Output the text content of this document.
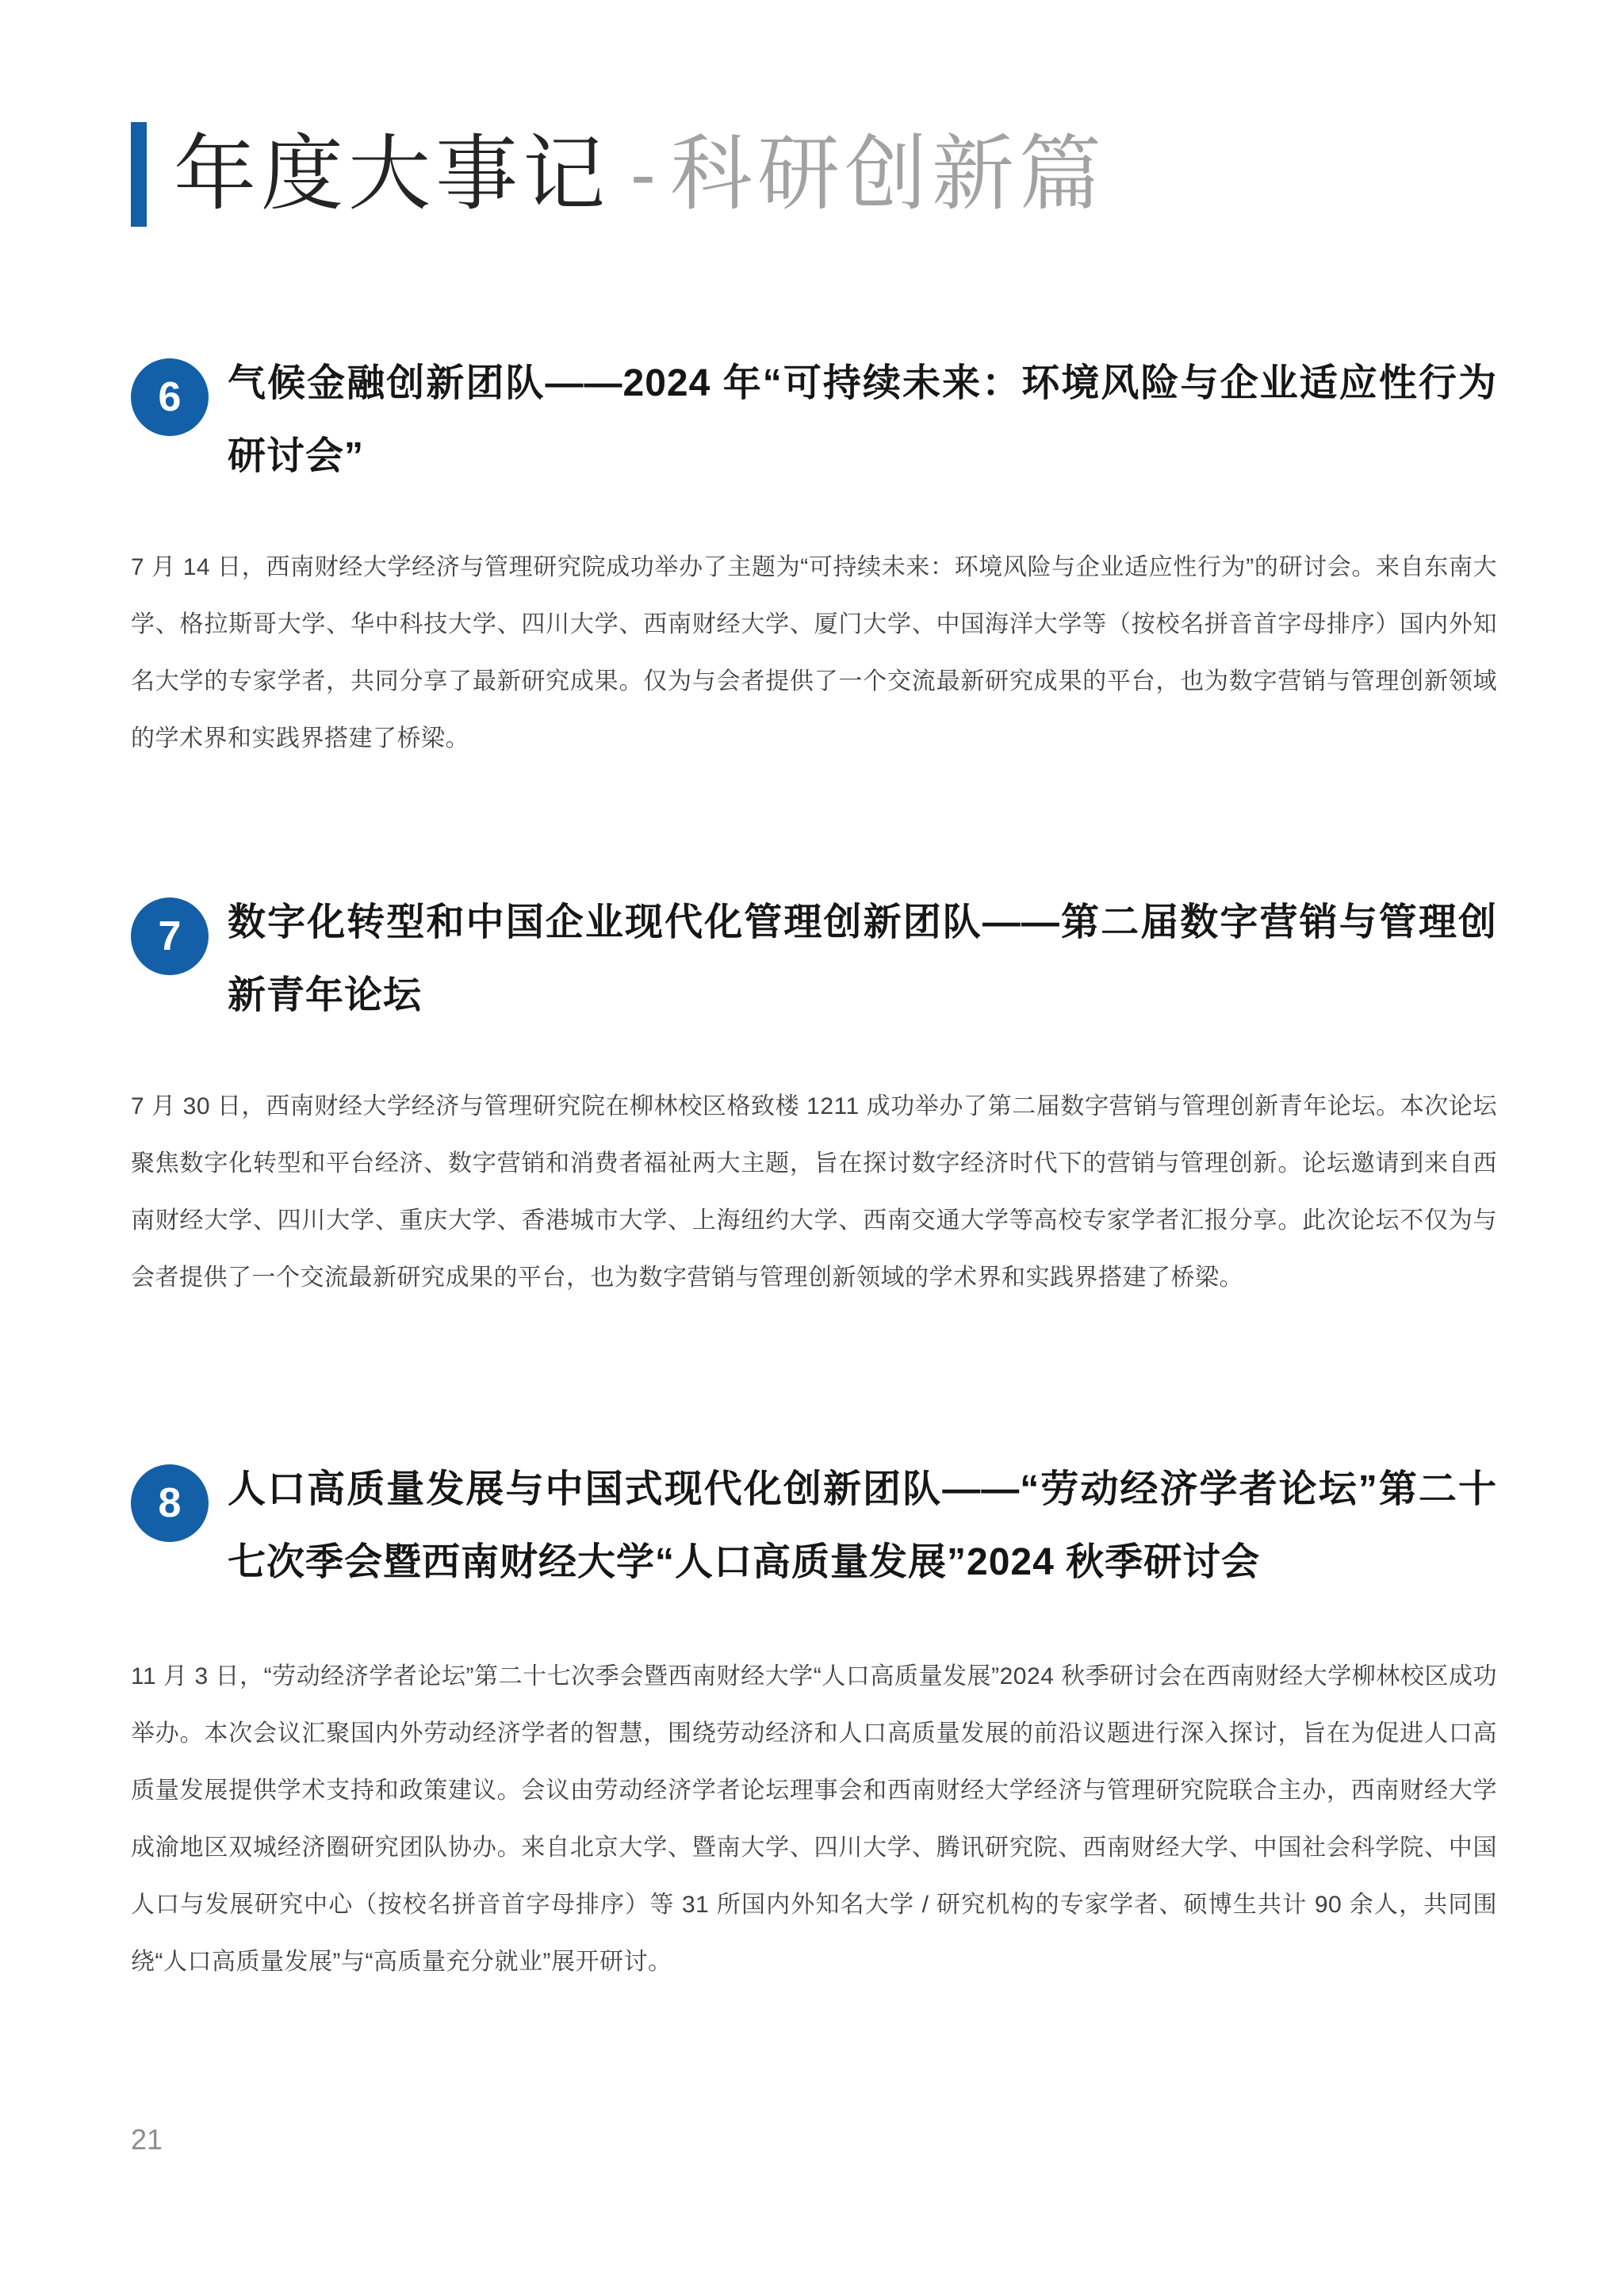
年度大事记 - 科研创新篇
6	气候金融创新团队——2024 年“可持续未来：环境风险与企业适应性行为研讨会”
7 月 14 日，西南财经大学经济与管理研究院成功举办了主题为“可持续未来：环境风险与企业适应性行为”的研讨会。来自东南大学、格拉斯哥大学、华中科技大学、四川大学、西南财经大学、厦门大学、中国海洋大学等（按校名拼音首字母排序）国内外知名大学的专家学者，共同分享了最新研究成果。仅为与会者提供了一个交流最新研究成果的平台，也为数字营销与管理创新领域的学术界和实践界搭建了桥梁。
7	数字化转型和中国企业现代化管理创新团队——第二届数字营销与管理创新青年论坛
7 月 30 日，西南财经大学经济与管理研究院在柳林校区格致楼 1211 成功举办了第二届数字营销与管理创新青年论坛。本次论坛聚焦数字化转型和平台经济、数字营销和消费者福祉两大主题，旨在探讨数字经济时代下的营销与管理创新。论坛邀请到来自西南财经大学、四川大学、重庆大学、香港城市大学、上海纽约大学、西南交通大学等高校专家学者汇报分享。此次论坛不仅为与会者提供了一个交流最新研究成果的平台，也为数字营销与管理创新领域的学术界和实践界搭建了桥梁。
8	人口高质量发展与中国式现代化创新团队——“劳动经济学者论坛”第二十七次季会暨西南财经大学“人口高质量发展”2024 秋季研讨会
11 月 3 日，“劳动经济学者论坛”第二十七次季会暨西南财经大学“人口高质量发展”2024 秋季研讨会在西南财经大学柳林校区成功举办。本次会议汇聚国内外劳动经济学者的智慧，围绕劳动经济和人口高质量发展的前沿议题进行深入探讨，旨在为促进人口高质量发展提供学术支持和政策建议。会议由劳动经济学者论坛理事会和西南财经大学经济与管理研究院联合主办，西南财经大学成渝地区双城经济圈研究团队协办。来自北京大学、暨南大学、四川大学、腾讯研究院、西南财经大学、中国社会科学院、中国人口与发展研究中心（按校名拼音首字母排序）等 31 所国内外知名大学 / 研究机构的专家学者、硕博生共计 90 余人，共同围绕“人口高质量发展”与“高质量充分就业”展开研讨。
21
